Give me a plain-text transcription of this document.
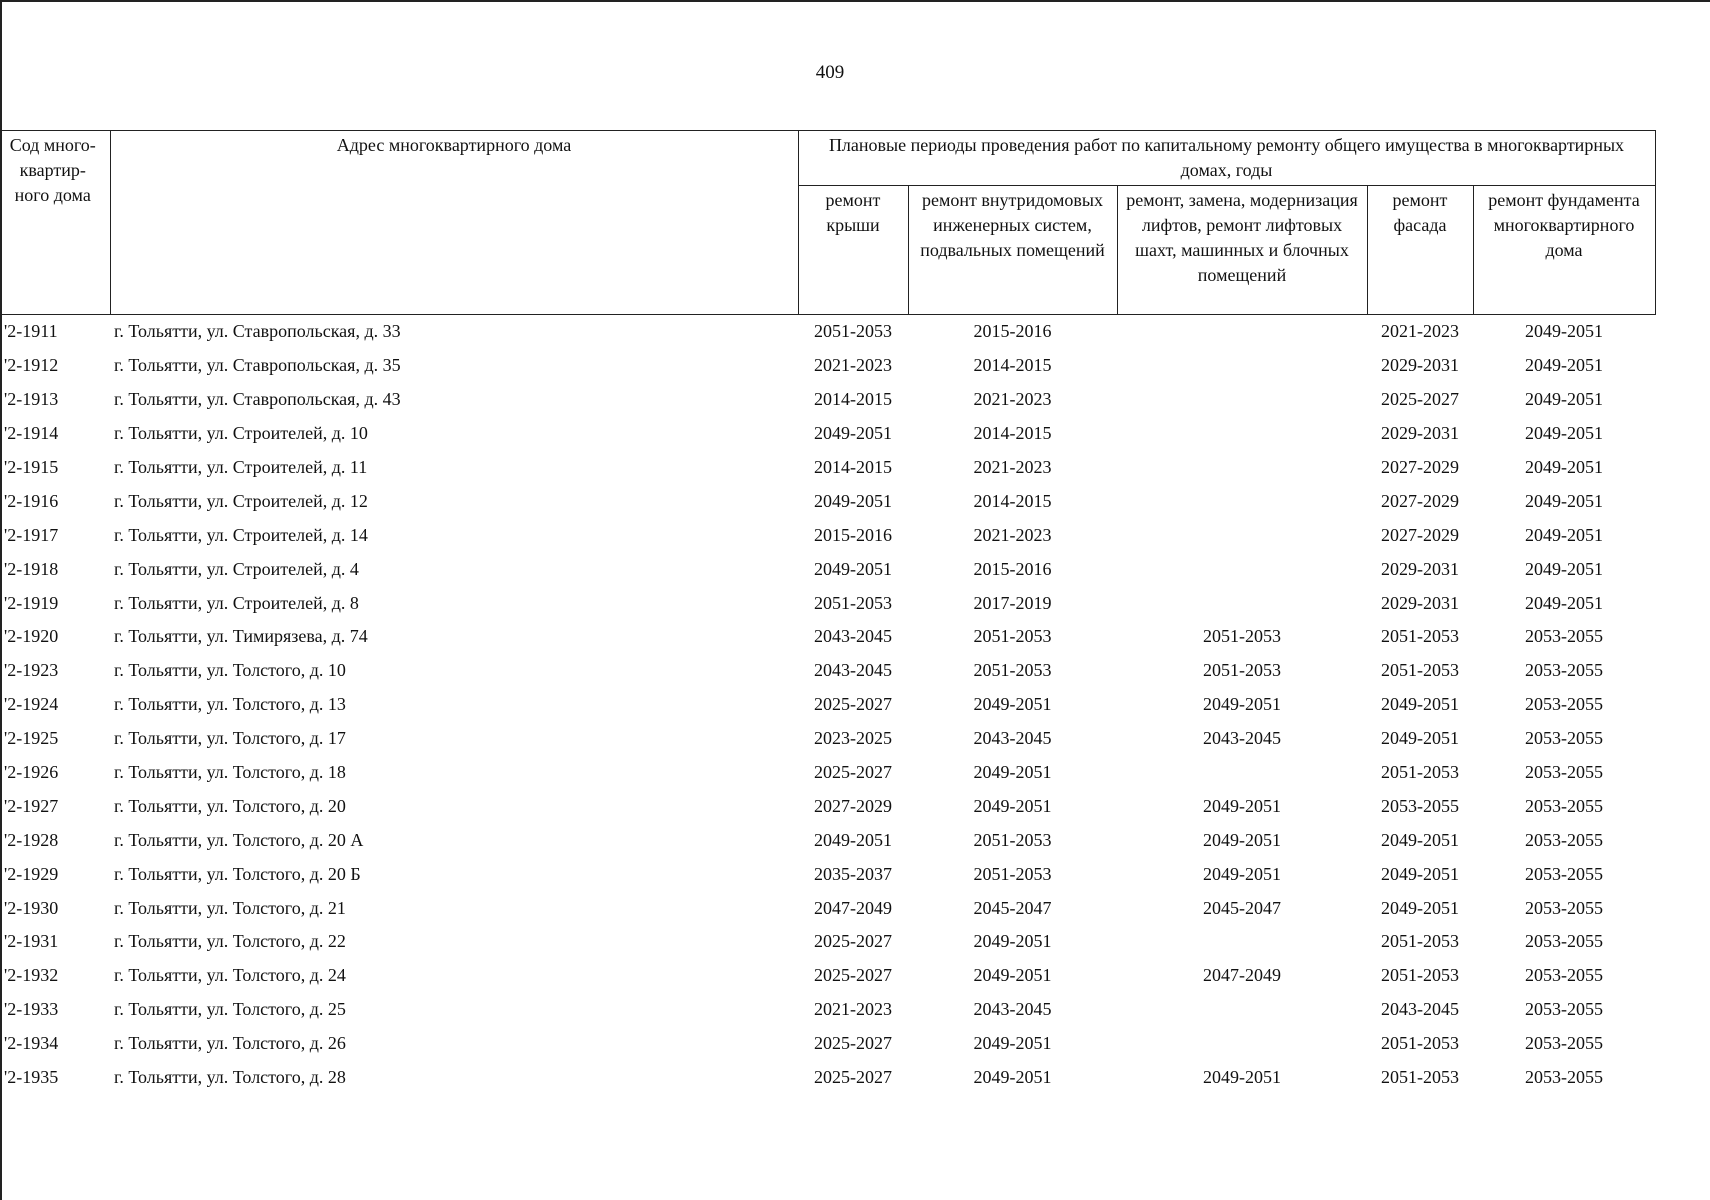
409
Сод много-
квартир-
ного дома	Адрес многоквартирного дома	Плановые периоды проведения работ по капитальному ремонту общего имущества в многоквартирных домах, годы				
		ремонт крыши	ремонт внутридомовых инженерных систем, подвальных помещений	ремонт, замена, модернизация лифтов, ремонт лифтовых шахт, машинных и блочных помещений	ремонт фасада	ремонт фундамента многоквартирного дома
'2-1911	г. Тольятти, ул. Ставропольская, д. 33	2051-2053	2015-2016		2021-2023	2049-2051
'2-1912	г. Тольятти, ул. Ставропольская, д. 35	2021-2023	2014-2015		2029-2031	2049-2051
'2-1913	г. Тольятти, ул. Ставропольская, д. 43	2014-2015	2021-2023		2025-2027	2049-2051
'2-1914	г. Тольятти, ул. Строителей, д. 10	2049-2051	2014-2015		2029-2031	2049-2051
'2-1915	г. Тольятти, ул. Строителей, д. 11	2014-2015	2021-2023		2027-2029	2049-2051
'2-1916	г. Тольятти, ул. Строителей, д. 12	2049-2051	2014-2015		2027-2029	2049-2051
'2-1917	г. Тольятти, ул. Строителей, д. 14	2015-2016	2021-2023		2027-2029	2049-2051
'2-1918	г. Тольятти, ул. Строителей, д. 4	2049-2051	2015-2016		2029-2031	2049-2051
'2-1919	г. Тольятти, ул. Строителей, д. 8	2051-2053	2017-2019		2029-2031	2049-2051
'2-1920	г. Тольятти, ул. Тимирязева, д. 74	2043-2045	2051-2053	2051-2053	2051-2053	2053-2055
'2-1923	г. Тольятти, ул. Толстого, д. 10	2043-2045	2051-2053	2051-2053	2051-2053	2053-2055
'2-1924	г. Тольятти, ул. Толстого, д. 13	2025-2027	2049-2051	2049-2051	2049-2051	2053-2055
'2-1925	г. Тольятти, ул. Толстого, д. 17	2023-2025	2043-2045	2043-2045	2049-2051	2053-2055
'2-1926	г. Тольятти, ул. Толстого, д. 18	2025-2027	2049-2051		2051-2053	2053-2055
'2-1927	г. Тольятти, ул. Толстого, д. 20	2027-2029	2049-2051	2049-2051	2053-2055	2053-2055
'2-1928	г. Тольятти, ул. Толстого, д. 20 А	2049-2051	2051-2053	2049-2051	2049-2051	2053-2055
'2-1929	г. Тольятти, ул. Толстого, д. 20 Б	2035-2037	2051-2053	2049-2051	2049-2051	2053-2055
'2-1930	г. Тольятти, ул. Толстого, д. 21	2047-2049	2045-2047	2045-2047	2049-2051	2053-2055
'2-1931	г. Тольятти, ул. Толстого, д. 22	2025-2027	2049-2051		2051-2053	2053-2055
'2-1932	г. Тольятти, ул. Толстого, д. 24	2025-2027	2049-2051	2047-2049	2051-2053	2053-2055
'2-1933	г. Тольятти, ул. Толстого, д. 25	2021-2023	2043-2045		2043-2045	2053-2055
'2-1934	г. Тольятти, ул. Толстого, д. 26	2025-2027	2049-2051		2051-2053	2053-2055
'2-1935	г. Тольятти, ул. Толстого, д. 28	2025-2027	2049-2051	2049-2051	2051-2053	2053-2055
